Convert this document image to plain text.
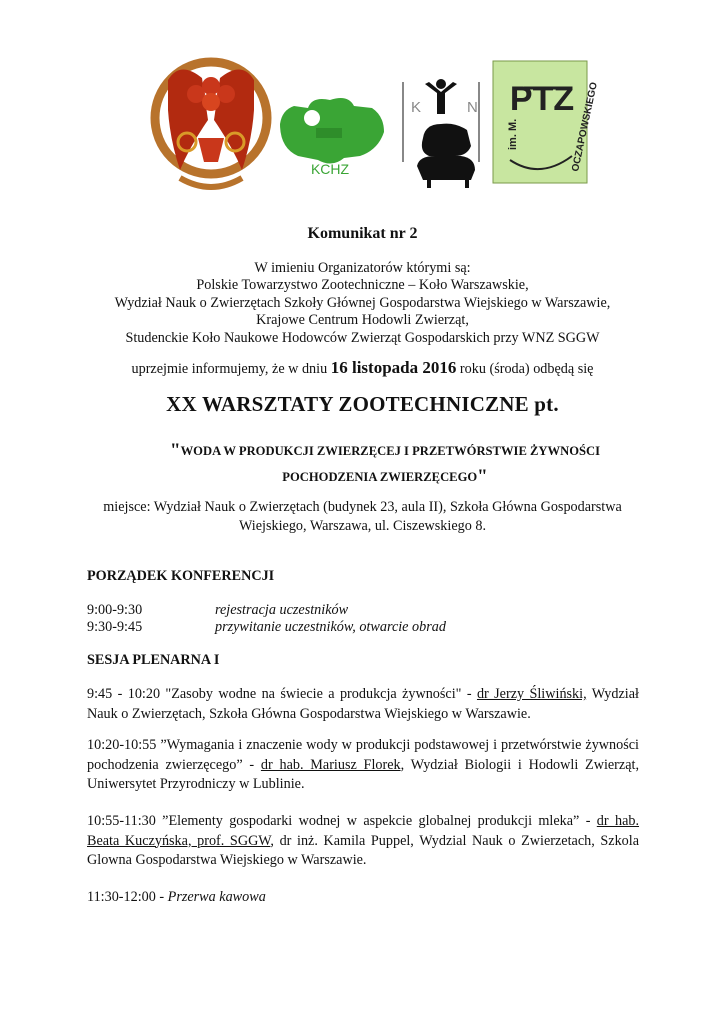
KCHZ
K	N PTZ
im. M.	OCZAPOWSKIEGO
Komunikat nr 2
W imieniu Organizatorów którymi są:
Polskie Towarzystwo Zootechniczne – Koło Warszawskie,
Wydział Nauk o Zwierzętach Szkoły Głównej Gospodarstwa Wiejskiego w Warszawie,
Krajowe Centrum Hodowli Zwierząt,
Studenckie Koło Naukowe Hodowców Zwierząt Gospodarskich przy WNZ SGGW
uprzejmie informujemy, że w dniu 16 listopada 2016 roku (środa) odbędą się
XX WARSZTATY ZOOTECHNICZNE pt.
"WODA W PRODUKCJI ZWIERZĘCEJ I PRZETWÓRSTWIE ŻYWNOŚCI
POCHODZENIA ZWIERZĘCEGO"
miejsce: Wydział Nauk o Zwierzętach (budynek 23, aula II), Szkoła Główna Gospodarstwa
Wiejskiego, Warszawa, ul. Ciszewskiego 8.
PORZĄDEK KONFERENCJI
9:00-9:30	rejestracja uczestników
9:30-9:45	przywitanie uczestników, otwarcie obrad
SESJA PLENARNA I
9:45 - 10:20 "Zasoby wodne na świecie a produkcja żywności" - dr Jerzy Śliwiński, Wydział Nauk o Zwierzętach, Szkoła Główna Gospodarstwa Wiejskiego w Warszawie.
10:20-10:55 ”Wymagania i znaczenie wody w produkcji podstawowej i przetwórstwie żywności pochodzenia zwierzęcego” - dr hab. Mariusz Florek, Wydział Biologii i Hodowli Zwierząt, Uniwersytet Przyrodniczy w Lublinie.
10:55-11:30 ”Elementy gospodarki wodnej w aspekcie globalnej produkcji mleka” - dr hab. Beata Kuczyńska, prof. SGGW, dr inż. Kamila Puppel, Wydzial Nauk o Zwierzetach, Szkola Glowna Gospodarstwa Wiejskiego w Warszawie.
11:30-12:00 - Przerwa kawowa
